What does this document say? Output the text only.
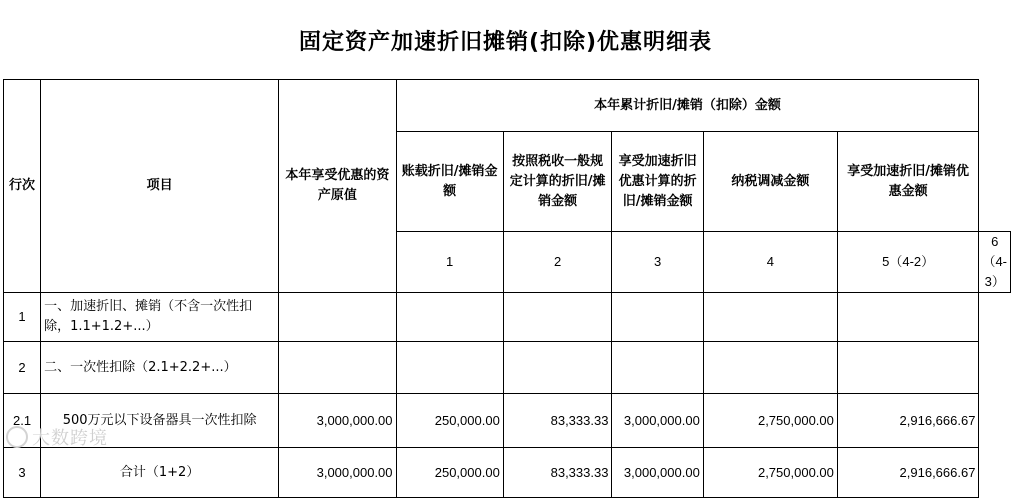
固定资产加速折旧摊销(扣除)优惠明细表
行次	项目	本年享受优惠的资产原值	本年累计折旧/摊销（扣除）金额					
			账载折旧/摊销金额	按照税收一般规定计算的折旧/摊销金额	享受加速折旧优惠计算的折旧/摊销金额	纳税调减金额	享受加速折旧/摊销优惠金额	
			1	2	3	4	5（4-2）	6（4-3）
1	一、加速折旧、摊销（不含一次性扣除，1.1+1.2+...）							
2	二、一次性扣除（2.1+2.2+...）							
2.1	500万元以下设备器具一次性扣除	3,000,000.00	250,000.00	83,333.33	3,000,000.00	2,750,000.00	2,916,666.67	
3	合计（1+2）	3,000,000.00	250,000.00	83,333.33	3,000,000.00	2,750,000.00	2,916,666.67	
大数跨境
